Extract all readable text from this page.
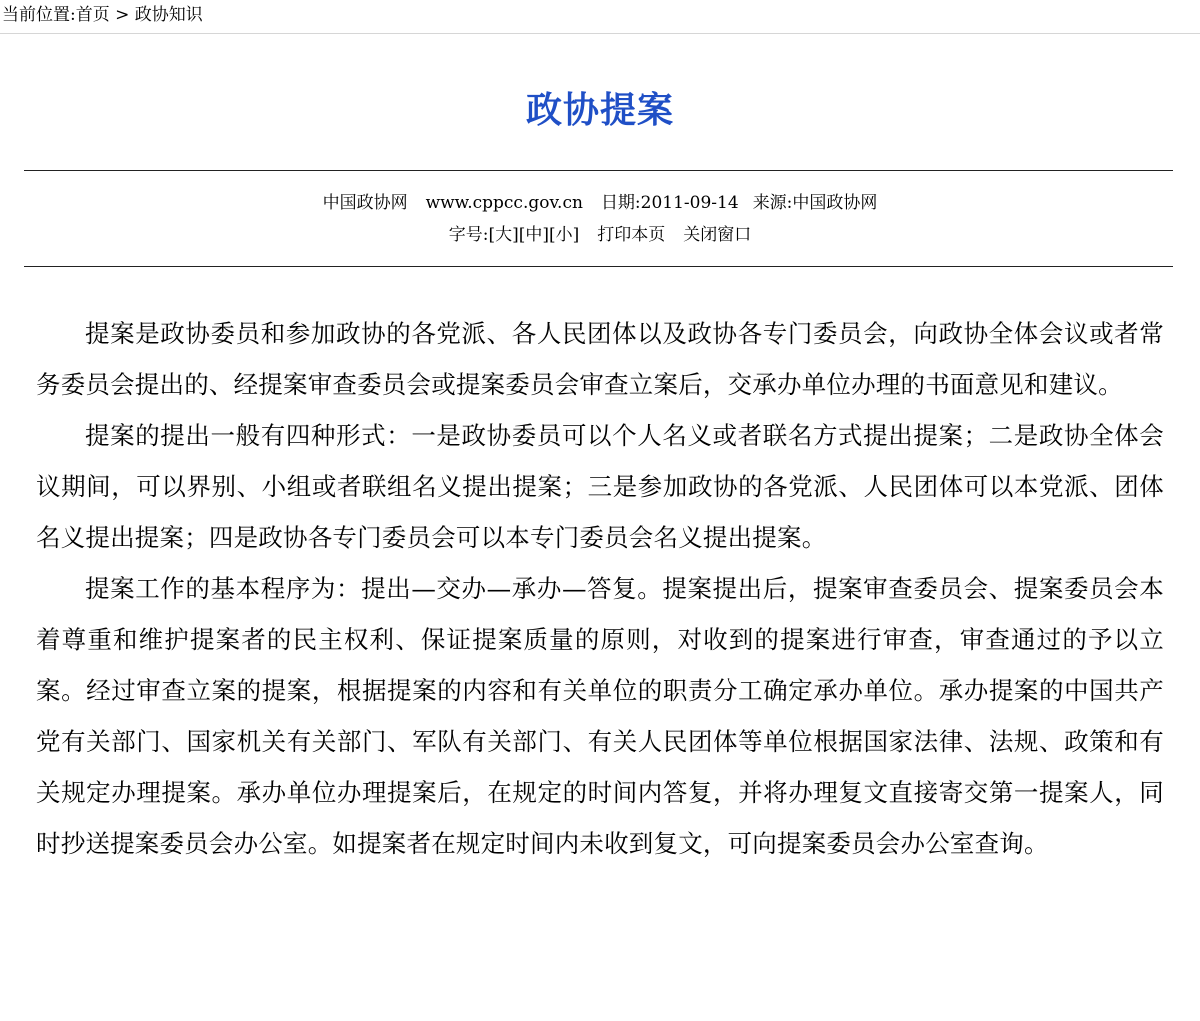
当前位置:首页 > 政协知识
政协提案
中国政协网 www.cppcc.gov.cn 日期:2011-09-14 来源:中国政协网
字号:[大][中][小] 打印本页 关闭窗口

提案是政协委员和参加政协的各党派、各人民团体以及政协各专门委员会，向政协全体会议或者常务委员会提出的、经提案审查委员会或提案委员会审查立案后，交承办单位办理的书面意见和建议。

提案的提出一般有四种形式：一是政协委员可以个人名义或者联名方式提出提案；二是政协全体会议期间，可以界别、小组或者联组名义提出提案；三是参加政协的各党派、人民团体可以本党派、团体名义提出提案；四是政协各专门委员会可以本专门委员会名义提出提案。

提案工作的基本程序为：提出—交办—承办—答复。提案提出后，提案审查委员会、提案委员会本着尊重和维护提案者的民主权利、保证提案质量的原则，对收到的提案进行审查，审查通过的予以立案。经过审查立案的提案，根据提案的内容和有关单位的职责分工确定承办单位。承办提案的中国共产党有关部门、国家机关有关部门、军队有关部门、有关人民团体等单位根据国家法律、法规、政策和有关规定办理提案。承办单位办理提案后，在规定的时间内答复，并将办理复文直接寄交第一提案人，同时抄送提案委员会办公室。如提案者在规定时间内未收到复文，可向提案委员会办公室查询。
